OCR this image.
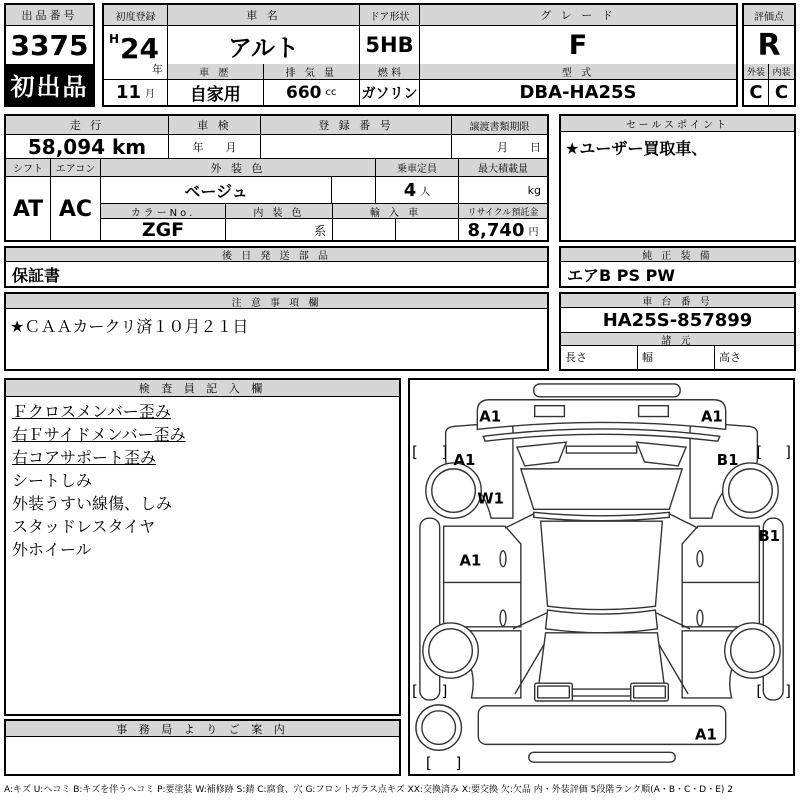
出品番号
3375
初出品
初度登録
H 24
年
11 月
車 名
アルト
車 歴
自家用
排 気 量
660 cc
ドア形状
5HB
燃 料
ガソリン
グ レ ー ド
F
型 式
DBA-HA25S
評価点
R
外装 内装
C C
走 行
58,094 km
車 検
年　　月
登 録 番 号	譲渡書類期限
月　　日
シフト
AT
エアコン
AC
外 装 色
ベージュ
乗車定員
4 人
最大積載量
kg
カラーNo.
ZGF
内 装 色
系
輸 入 車	リサイクル預託金
8,740 円
セールスポイント
★ユーザー買取車、
後 日 発 送 部 品
保証書
純 正 装 備
エアB PS PW
注 意 事 項 欄
★ＣＡＡカークリ済１０月２１日
車 台 番 号
HA25S-857899
諸 元
長さ	幅	高さ
検 査 員 記 入 欄
Ｆクロスメンバー歪み
右Ｆサイドメンバー歪み
右コアサポート歪み
シートしみ
外装うすい線傷、しみ
スタッドレスタイヤ
外ホイール
事 務 局 よ り ご 案 内
A1	A1
A1	B1
W1
A1
B1
A1
[ ]	[ ]
[ ]	[ ]
[ ]
A:キズ U:ヘコミ B:キズを伴うヘコミ P:要塗装 W:補修跡 S:錆 C:腐食、穴 G:フロントガラス点キズ XX:交換済み X:要交換 欠:欠品 内・外装評価 5段階ランク順(A・B・C・D・E) 2
